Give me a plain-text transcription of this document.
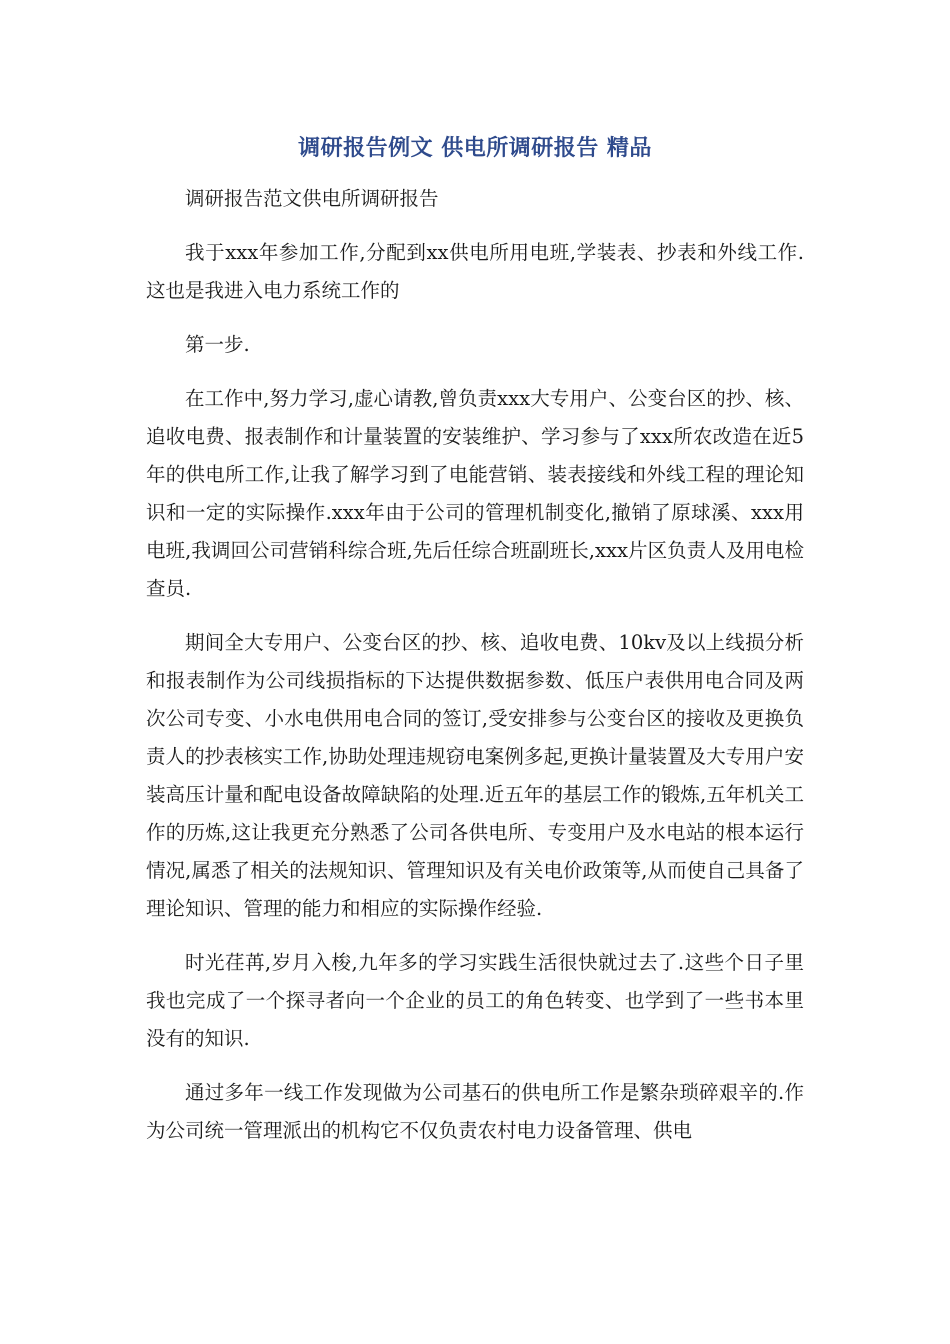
调研报告例文 供电所调研报告 精品

调研报告范文供电所调研报告

我于xxx年参加工作,分配到xx供电所用电班,学装表、抄表和外线工作.这也是我进入电力系统工作的

第一步.

在工作中,努力学习,虚心请教,曾负责xxx大专用户、公变台区的抄、核、追收电费、报表制作和计量装置的安装维护、学习参与了xxx所农改造在近5年的供电所工作,让我了解学习到了电能营销、装表接线和外线工程的理论知识和一定的实际操作.xxx年由于公司的管理机制变化,撤销了原球溪、xxx用电班,我调回公司营销科综合班,先后任综合班副班长,xxx片区负责人及用电检查员.

期间全大专用户、公变台区的抄、核、追收电费、10kv及以上线损分析和报表制作为公司线损指标的下达提供数据参数、低压户表供用电合同及两次公司专变、小水电供用电合同的签订,受安排参与公变台区的接收及更换负责人的抄表核实工作,协助处理违规窃电案例多起,更换计量装置及大专用户安装高压计量和配电设备故障缺陷的处理.近五年的基层工作的锻炼,五年机关工作的历炼,这让我更充分熟悉了公司各供电所、专变用户及水电站的根本运行情况,属悉了相关的法规知识、管理知识及有关电价政策等,从而使自己具备了理论知识、管理的能力和相应的实际操作经验.

时光荏苒,岁月入梭,九年多的学习实践生活很快就过去了.这些个日子里我也完成了一个探寻者向一个企业的员工的角色转变、也学到了一些书本里没有的知识.

通过多年一线工作发现做为公司基石的供电所工作是繁杂琐碎艰辛的.作为公司统一管理派出的机构它不仅负责农村电力设备管理、供电
